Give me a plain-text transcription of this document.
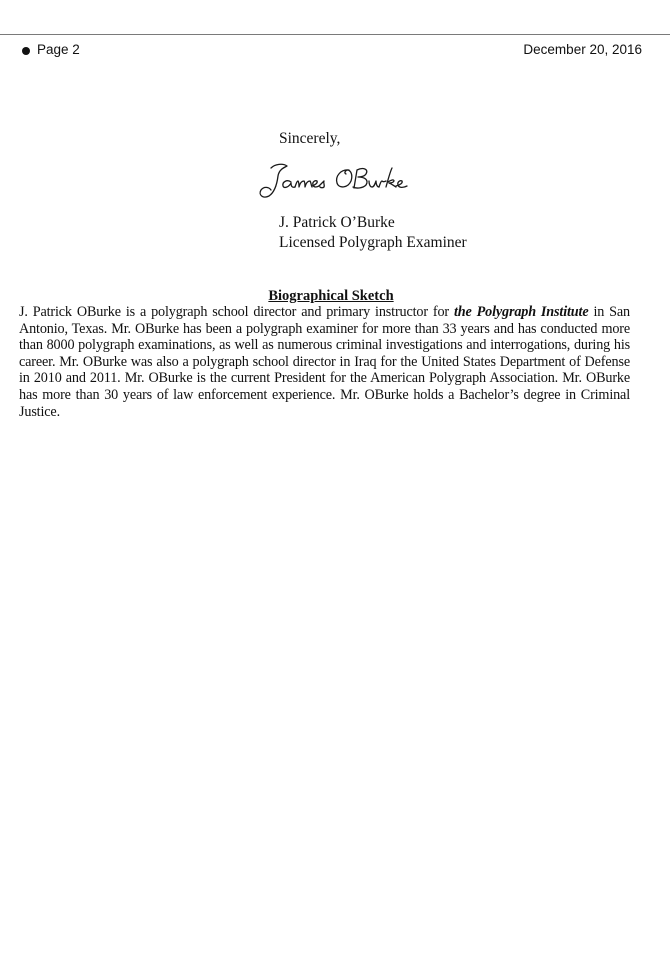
Page 2	December 20, 2016
Sincerely,
J. Patrick O’Burke
Licensed Polygraph Examiner
Biographical Sketch
J. Patrick OBurke is a polygraph school director and primary instructor for the Polygraph Institute in San Antonio, Texas. Mr. OBurke has been a polygraph examiner for more than 33 years and has conducted more than 8000 polygraph examinations, as well as numerous criminal investigations and interrogations, during his career. Mr. OBurke was also a polygraph school director in Iraq for the United States Department of Defense in 2010 and 2011. Mr. OBurke is the current President for the American Polygraph Association. Mr. OBurke has more than 30 years of law enforcement experience. Mr. OBurke holds a Bachelor’s degree in Criminal Justice.
